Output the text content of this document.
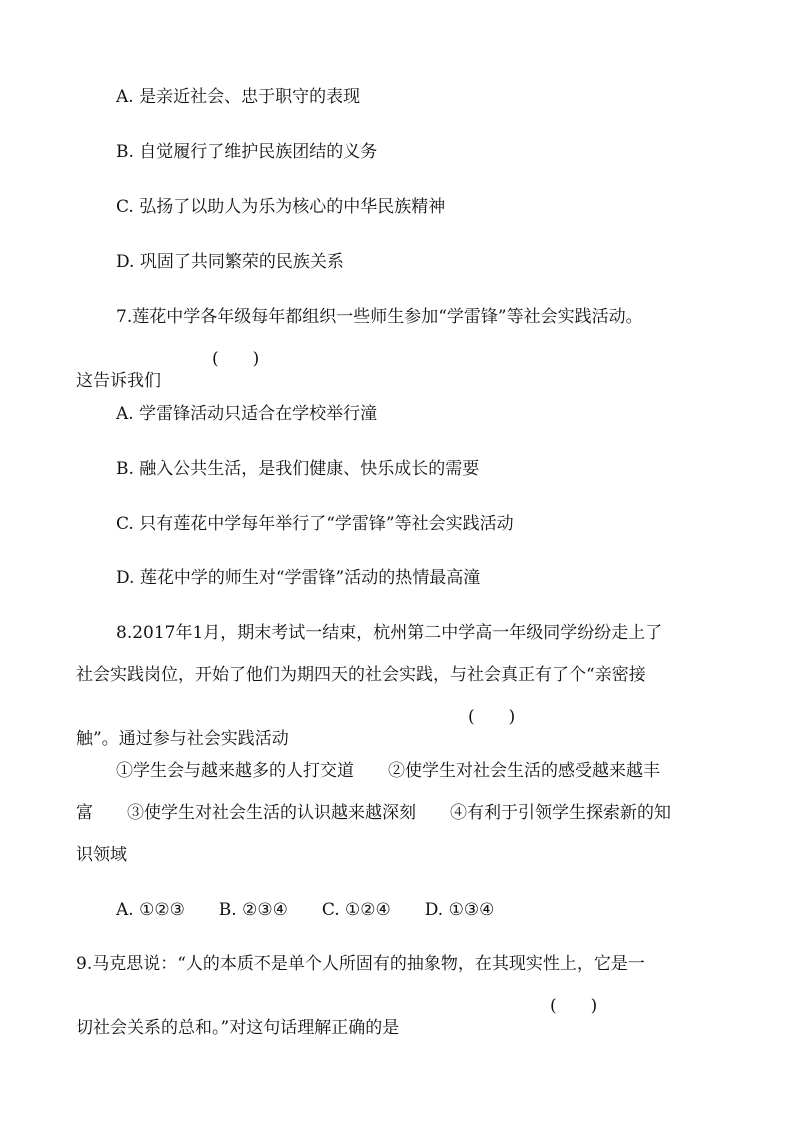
A. 是亲近社会、忠于职守的表现

B. 自觉履行了维护民族团结的义务

C. 弘扬了以助人为乐为核心的中华民族精神

D. 巩固了共同繁荣的民族关系

7.莲花中学各年级每年都组织一些师生参加“学雷锋”等社会实践活动。

这告诉我们

(　　)

A. 学雷锋活动只适合在学校举行潼

B. 融入公共生活，是我们健康、快乐成长的需要

C. 只有莲花中学每年举行了“学雷锋”等社会实践活动

D. 莲花中学的师生对“学雷锋”活动的热情最高潼

8.2017年1月，期末考试一结束，杭州第二中学高一年级同学纷纷走上了

社会实践岗位，开始了他们为期四天的社会实践，与社会真正有了个“亲密接

触”。通过参与社会实践活动

(　　)

①学生会与越来越多的人打交道　　②使学生对社会生活的感受越来越丰

富　　③使学生对社会生活的认识越来越深刻　　④有利于引领学生探索新的知

识领域

A. ①②③　　B. ②③④　　C. ①②④　　D. ①③④

9.马克思说：“人的本质不是单个人所固有的抽象物，在其现实性上，它是一

切社会关系的总和。”对这句话理解正确的是

(　　)
